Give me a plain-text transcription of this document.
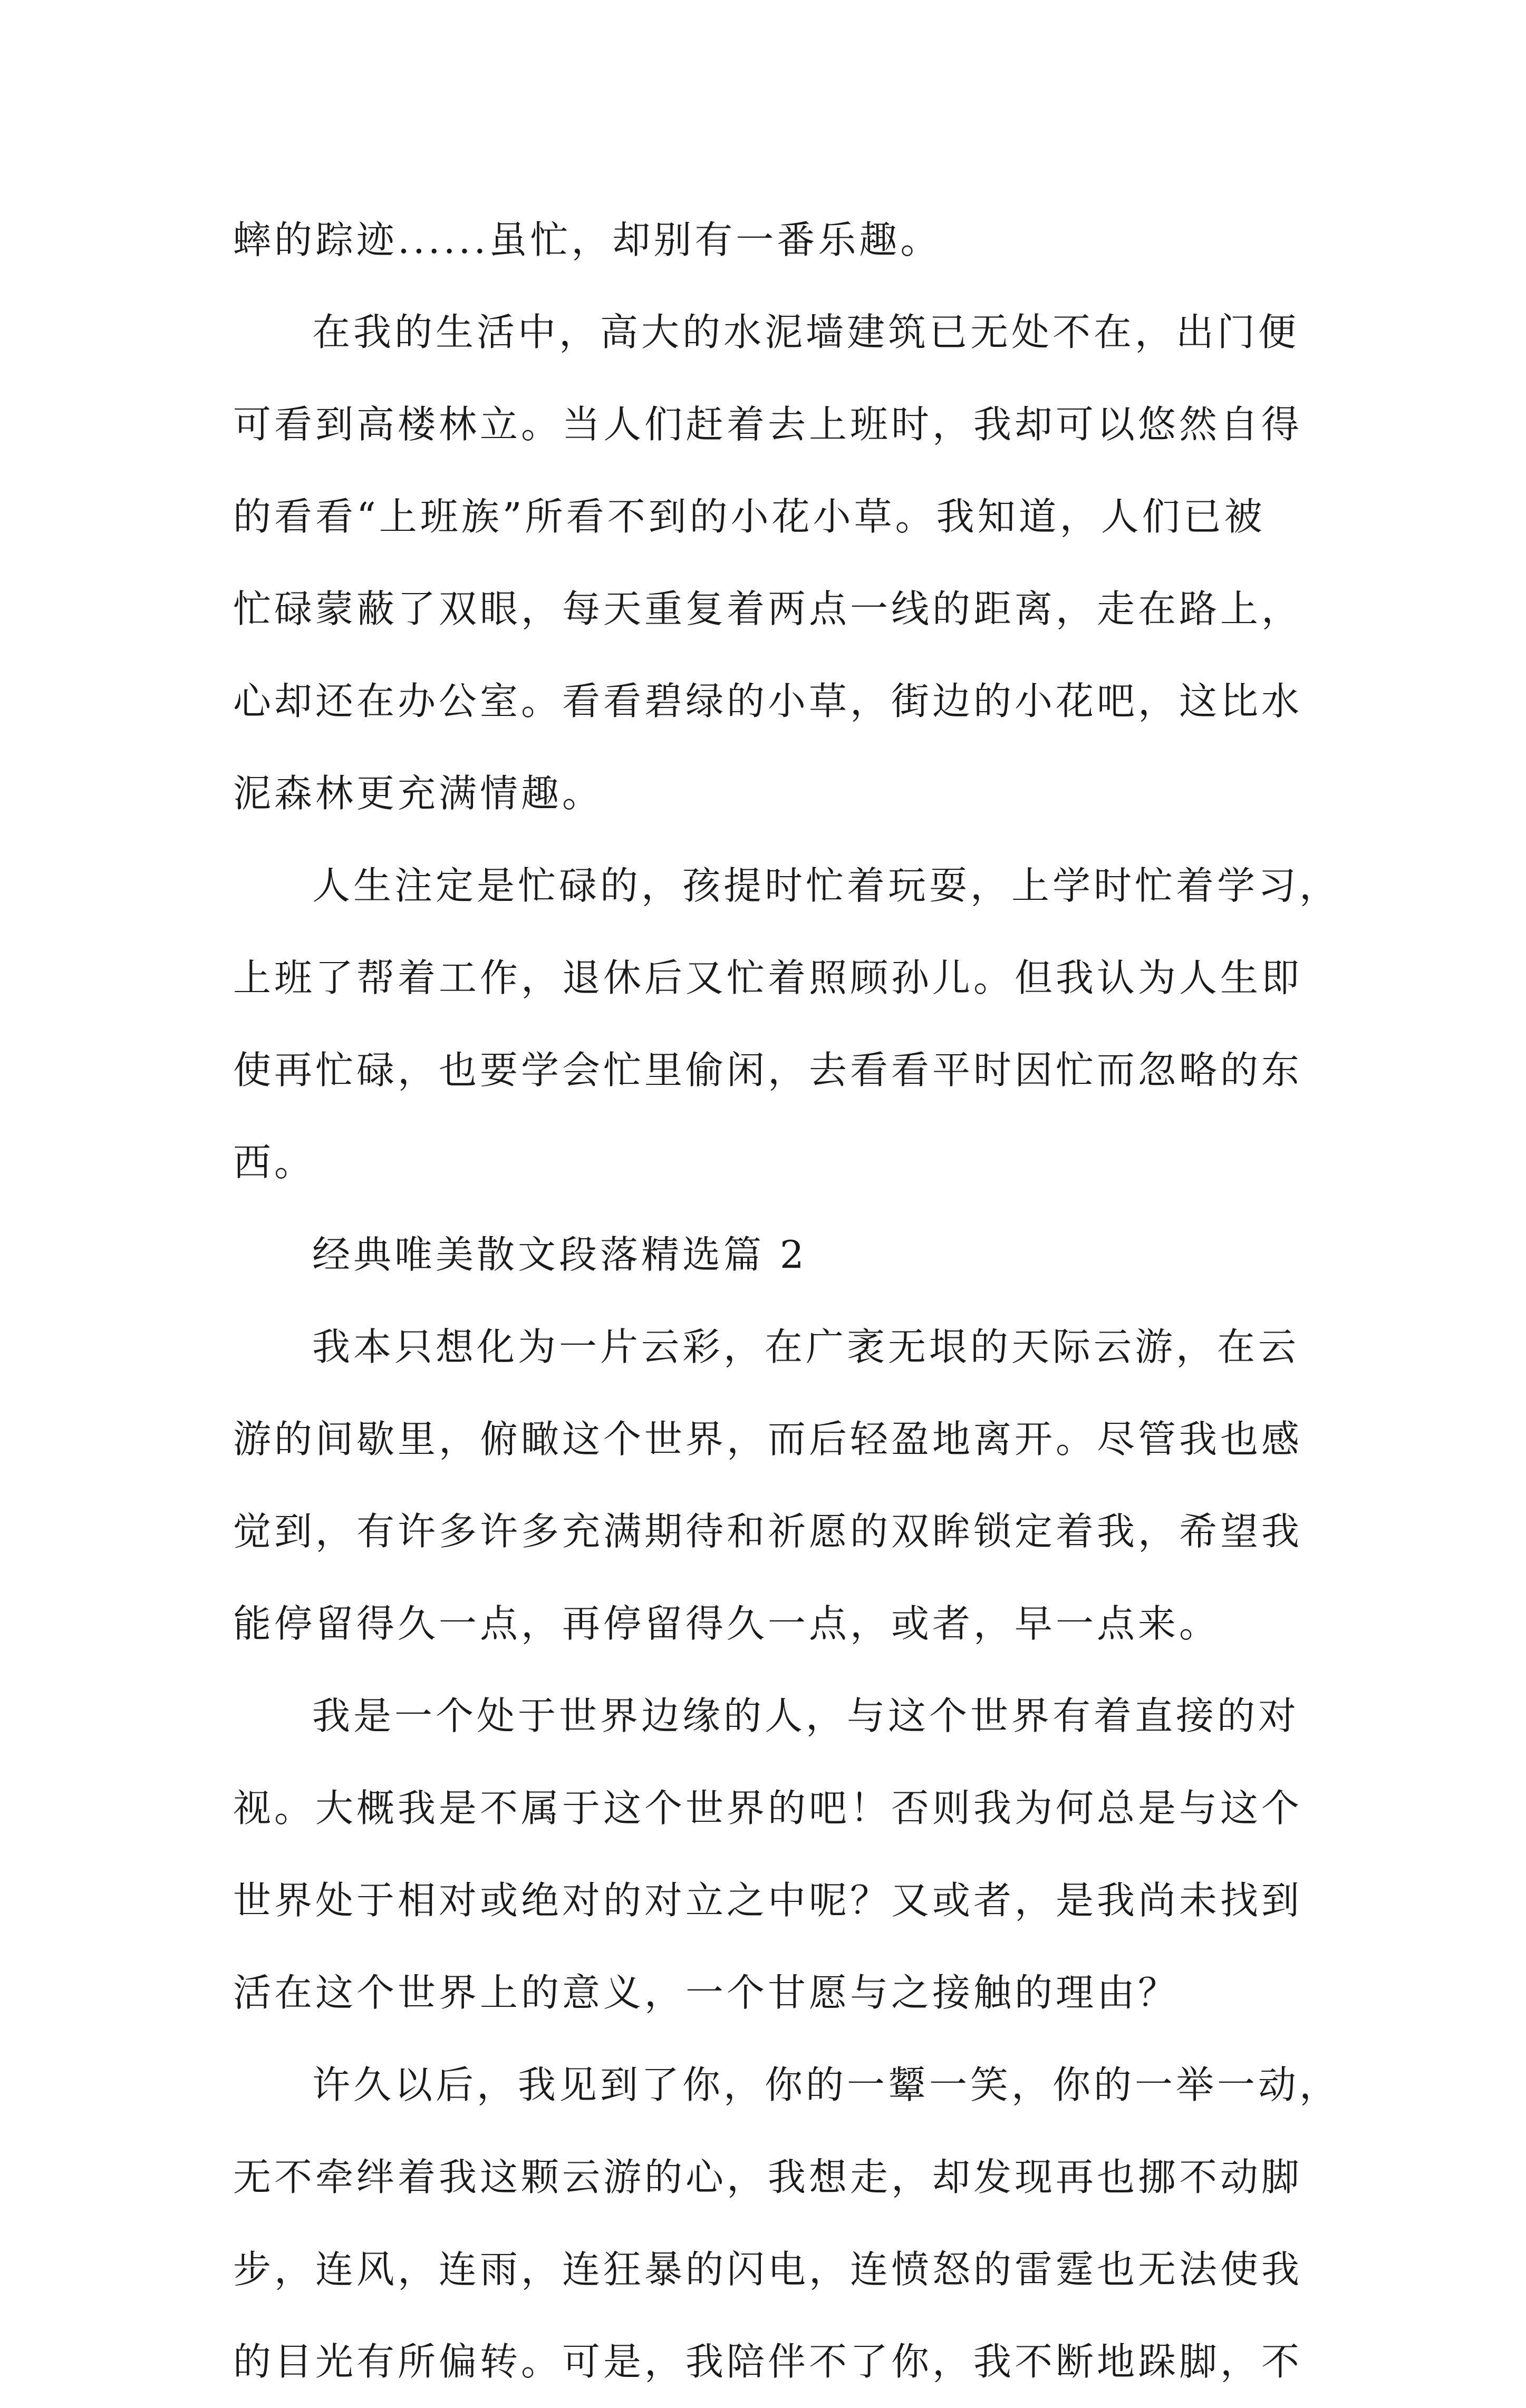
蟀的踪迹......虽忙，却别有一番乐趣。
在我的生活中，高大的水泥墙建筑已无处不在，出门便
可看到高楼林立。当人们赶着去上班时，我却可以悠然自得
的看看“上班族”所看不到的小花小草。我知道，人们已被
忙碌蒙蔽了双眼，每天重复着两点一线的距离，走在路上，
心却还在办公室。看看碧绿的小草，街边的小花吧，这比水
泥森林更充满情趣。
人生注定是忙碌的，孩提时忙着玩耍，上学时忙着学习，
上班了帮着工作，退休后又忙着照顾孙儿。但我认为人生即
使再忙碌，也要学会忙里偷闲，去看看平时因忙而忽略的东
西。
经典唯美散文段落精选篇 2
我本只想化为一片云彩，在广袤无垠的天际云游，在云
游的间歇里，俯瞰这个世界，而后轻盈地离开。尽管我也感
觉到，有许多许多充满期待和祈愿的双眸锁定着我，希望我
能停留得久一点，再停留得久一点，或者，早一点来。
我是一个处于世界边缘的人，与这个世界有着直接的对
视。大概我是不属于这个世界的吧！否则我为何总是与这个
世界处于相对或绝对的对立之中呢？又或者，是我尚未找到
活在这个世界上的意义，一个甘愿与之接触的理由？
许久以后，我见到了你，你的一颦一笑，你的一举一动，
无不牵绊着我这颗云游的心，我想走，却发现再也挪不动脚
步，连风，连雨，连狂暴的闪电，连愤怒的雷霆也无法使我
的目光有所偏转。可是，我陪伴不了你，我不断地跺脚，不
